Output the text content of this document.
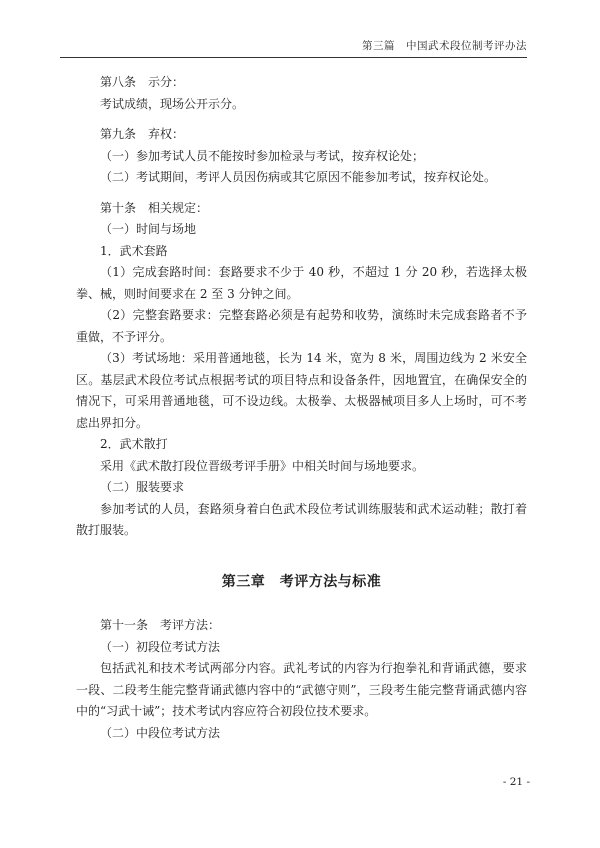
第三篇　中国武术段位制考评办法

第八条　示分：

考试成绩，现场公开示分。

第九条　弃权：

（一）参加考试人员不能按时参加检录与考试，按弃权论处；

（二）考试期间，考评人员因伤病或其它原因不能参加考试，按弃权论处。

第十条　相关规定：

（一）时间与场地

1．武术套路

（1）完成套路时间：套路要求不少于 40 秒，不超过 1 分 20 秒，若选择太极拳、械，则时间要求在 2 至 3 分钟之间。

（2）完整套路要求：完整套路必须是有起势和收势，演练时未完成套路者不予重做，不予评分。

（3）考试场地：采用普通地毯，长为 14 米，宽为 8 米，周围边线为 2 米安全区。基层武术段位考试点根据考试的项目特点和设备条件，因地置宜，在确保安全的情况下，可采用普通地毯，可不设边线。太极拳、太极器械项目多人上场时，可不考虑出界扣分。

2．武术散打

采用《武术散打段位晋级考评手册》中相关时间与场地要求。

（二）服装要求

参加考试的人员，套路须身着白色武术段位考试训练服装和武术运动鞋；散打着散打服装。

第三章　考评方法与标准

第十一条　考评方法：

（一）初段位考试方法

包括武礼和技术考试两部分内容。武礼考试的内容为行抱拳礼和背诵武德，要求一段、二段考生能完整背诵武德内容中的“武德守则”，三段考生能完整背诵武德内容中的“习武十诫”；技术考试内容应符合初段位技术要求。

（二）中段位考试方法

- 21 -
